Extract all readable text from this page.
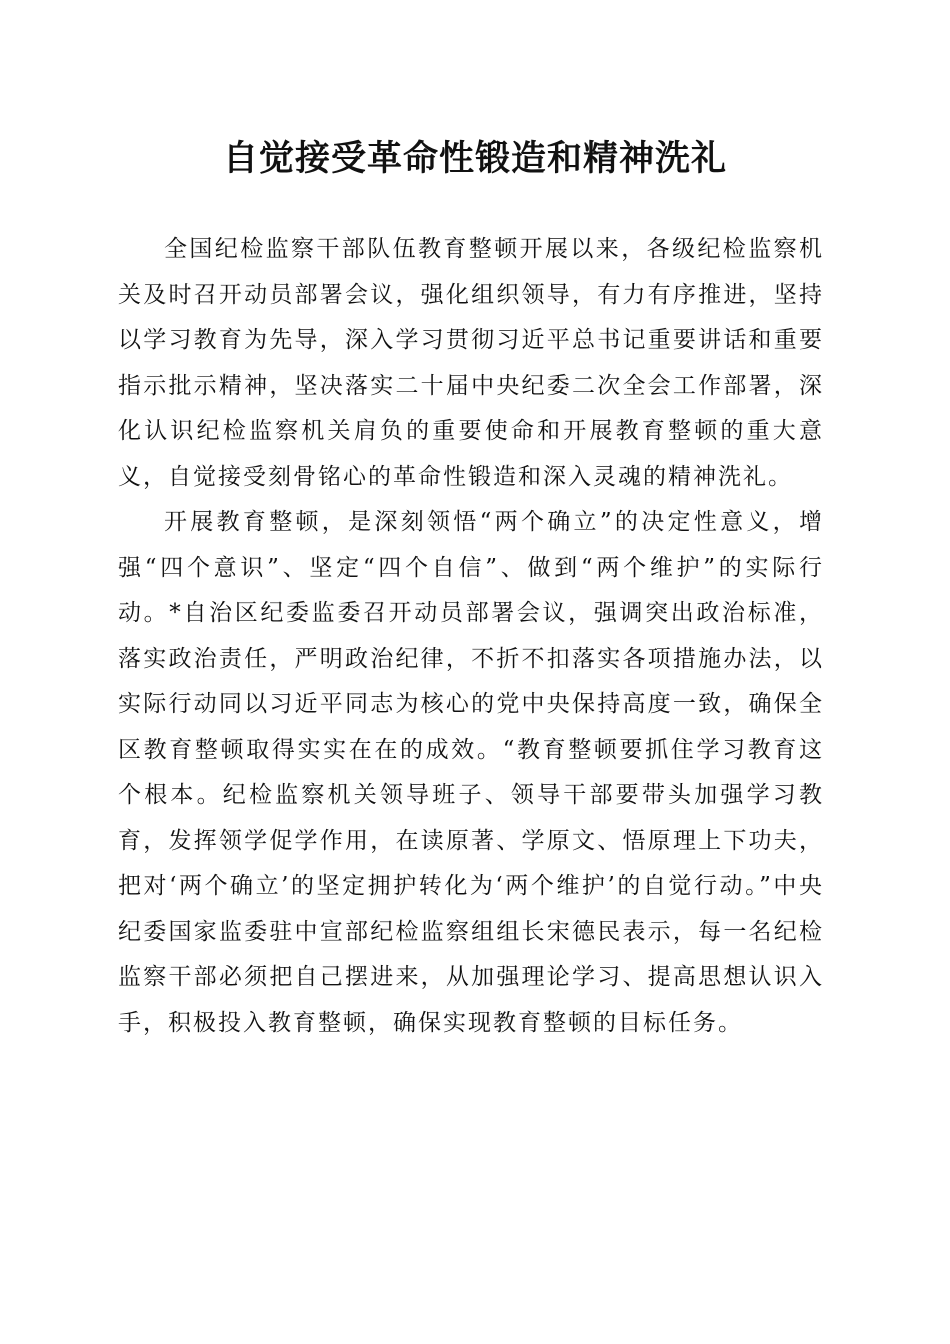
自觉接受革命性锻造和精神洗礼

全国纪检监察干部队伍教育整顿开展以来，各级纪检监察机关及时召开动员部署会议，强化组织领导，有力有序推进，坚持以学习教育为先导，深入学习贯彻习近平总书记重要讲话和重要指示批示精神，坚决落实二十届中央纪委二次全会工作部署，深化认识纪检监察机关肩负的重要使命和开展教育整顿的重大意义，自觉接受刻骨铭心的革命性锻造和深入灵魂的精神洗礼。

开展教育整顿，是深刻领悟“两个确立”的决定性意义，增强“四个意识”、坚定“四个自信”、做到“两个维护”的实际行动。*自治区纪委监委召开动员部署会议，强调突出政治标准，落实政治责任，严明政治纪律，不折不扣落实各项措施办法，以实际行动同以习近平同志为核心的党中央保持高度一致，确保全区教育整顿取得实实在在的成效。“教育整顿要抓住学习教育这个根本。纪检监察机关领导班子、领导干部要带头加强学习教育，发挥领学促学作用，在读原著、学原文、悟原理上下功夫，把对‘两个确立’的坚定拥护转化为‘两个维护’的自觉行动。”中央纪委国家监委驻中宣部纪检监察组组长宋德民表示，每一名纪检监察干部必须把自己摆进来，从加强理论学习、提高思想认识入手，积极投入教育整顿，确保实现教育整顿的目标任务。
